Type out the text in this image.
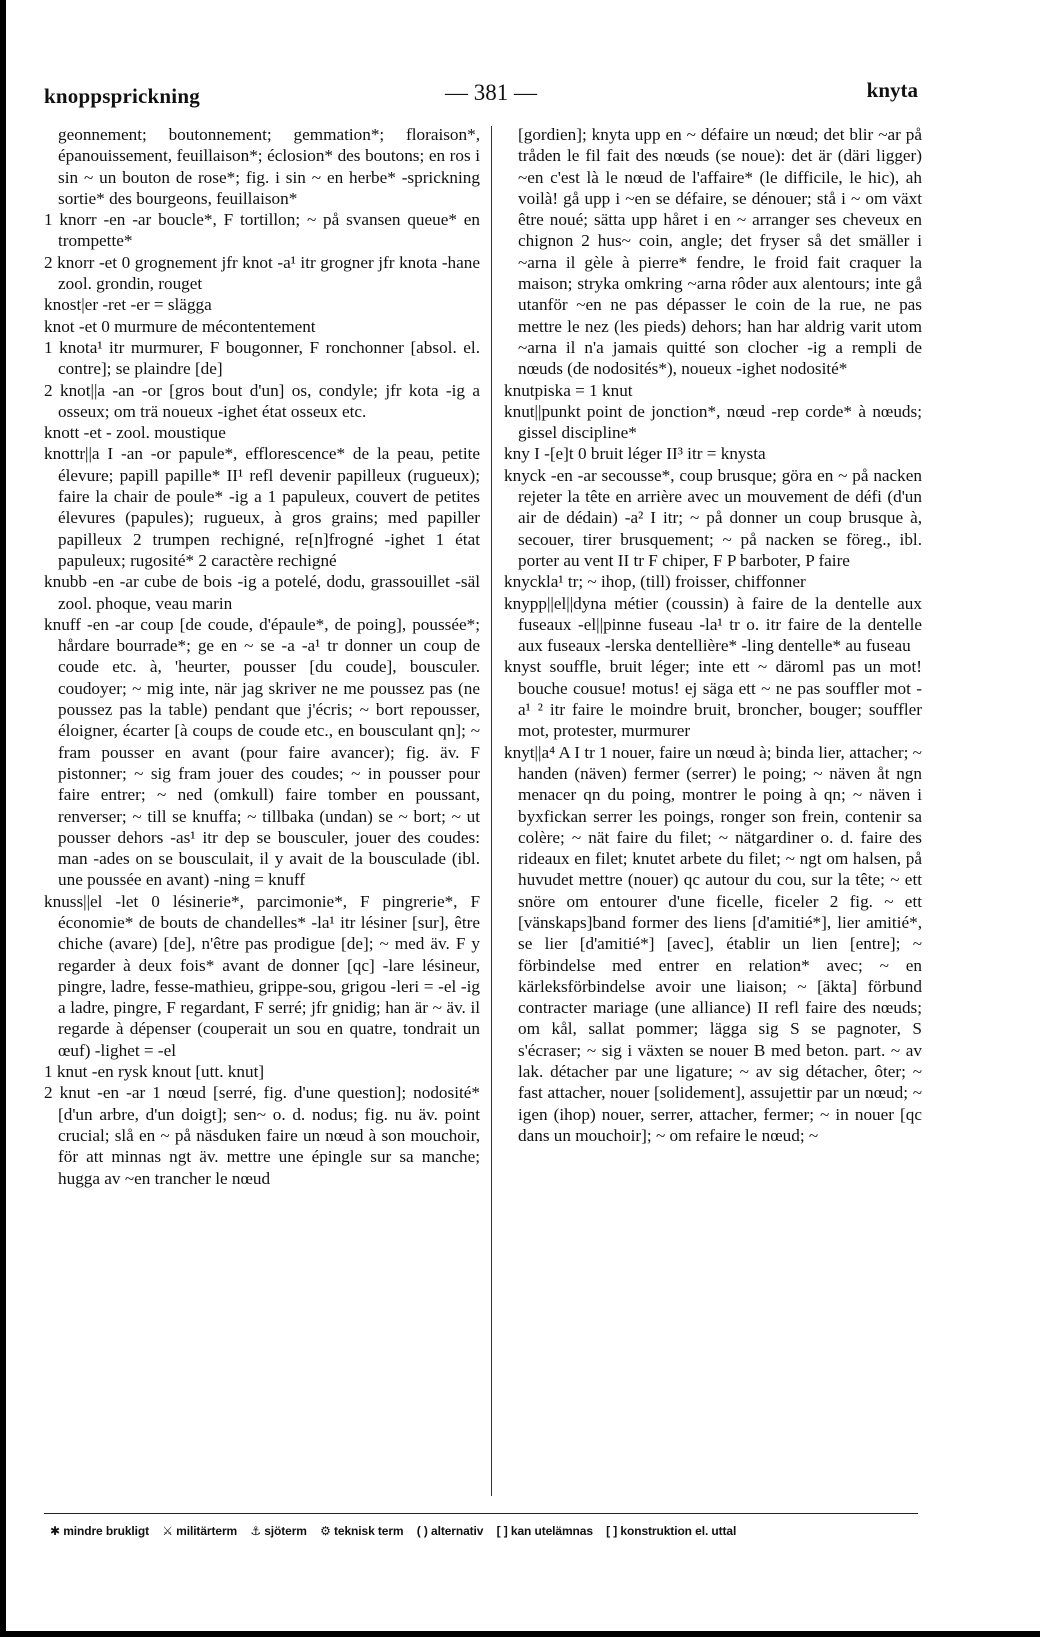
knoppsprickning	— 381 —	knyta

geonnement; boutonnement; gemmation*; floraison*, épanouissement, feuillaison*; éclosion* des boutons; en ros i sin ~ un bouton de rose*; fig. i sin ~ en herbe* -sprickning sortie* des bourgeons, feuillaison*

1 knorr -en -ar boucle*, F tortillon; ~ på svansen queue* en trompette*

2 knorr -et 0 grognement jfr knot -a¹ itr grogner jfr knota -hane zool. grondin, rouget

knost|er -ret -er = slägga

knot -et 0 murmure de mécontentement

1 knota¹ itr murmurer, F bougonner, F ronchonner [absol. el. contre]; se plaindre [de]

2 knot||a -an -or [gros bout d'un] os, condyle; jfr kota -ig a osseux; om trä noueux -ighet état osseux etc.

knott -et - zool. moustique

knottr||a I -an -or papule*, efflorescence* de la peau, petite élevure; papill papille* II¹ refl devenir papilleux (rugueux); faire la chair de poule* -ig a 1 papuleux, couvert de petites élevures (papules); rugueux, à gros grains; med papiller papilleux 2 trumpen rechigné, re[n]frogné -ighet 1 état papuleux; rugosité* 2 caractère rechigné

knubb -en -ar cube de bois -ig a potelé, dodu, grassouillet -säl zool. phoque, veau marin

knuff -en -ar coup [de coude, d'épaule*, de poing], poussée*; hårdare bourrade*; ge en ~ se -a -a¹ tr donner un coup de coude etc. à, 'heurter, pousser [du coude], bousculer. coudoyer; ~ mig inte, när jag skriver ne me poussez pas (ne poussez pas la table) pendant que j'écris; ~ bort repousser, éloigner, écarter [à coups de coude etc., en bousculant qn]; ~ fram pousser en avant (pour faire avancer); fig. äv. F pistonner; ~ sig fram jouer des coudes; ~ in pousser pour faire entrer; ~ ned (omkull) faire tomber en poussant, renverser; ~ till se knuffa; ~ tillbaka (undan) se ~ bort; ~ ut pousser dehors -as¹ itr dep se bousculer, jouer des coudes: man -ades on se bousculait, il y avait de la bousculade (ibl. une poussée en avant) -ning = knuff

knuss||el -let 0 lésinerie*, parcimonie*, F pingrerie*, F économie* de bouts de chandelles* -la¹ itr lésiner [sur], être chiche (avare) [de], n'être pas prodigue [de]; ~ med äv. F y regarder à deux fois* avant de donner [qc] -lare lésineur, pingre, ladre, fesse-mathieu, grippe-sou, grigou -leri = -el -ig a ladre, pingre, F regardant, F serré; jfr gnidig; han är ~ äv. il regarde à dépenser (couperait un sou en quatre, tondrait un œuf) -lighet = -el

1 knut -en rysk knout [utt. knut]

2 knut -en -ar 1 nœud [serré, fig. d'une question]; nodosité* [d'un arbre, d'un doigt]; sen~ o. d. nodus; fig. nu äv. point crucial; slå en ~ på näsduken faire un nœud à son mouchoir, för att minnas ngt äv. mettre une épingle sur sa manche; hugga av ~en trancher le nœud

[gordien]; knyta upp en ~ défaire un nœud; det blir ~ar på tråden le fil fait des nœuds (se noue): det är (däri ligger) ~en c'est là le nœud de l'affaire* (le difficile, le hic), ah voilà! gå upp i ~en se défaire, se dénouer; stå i ~ om växt être noué; sätta upp håret i en ~ arranger ses cheveux en chignon 2 hus~ coin, angle; det fryser så det smäller i ~arna il gèle à pierre* fendre, le froid fait craquer la maison; stryka omkring ~arna rôder aux alentours; inte gå utanför ~en ne pas dépasser le coin de la rue, ne pas mettre le nez (les pieds) dehors; han har aldrig varit utom ~arna il n'a jamais quitté son clocher -ig a rempli de nœuds (de nodosités*), noueux -ighet nodosité*

knutpiska = 1 knut

knut||punkt point de jonction*, nœud -rep corde* à nœuds; gissel discipline*

kny I -[e]t 0 bruit léger II³ itr = knysta

knyck -en -ar secousse*, coup brusque; göra en ~ på nacken rejeter la tête en arrière avec un mouvement de défi (d'un air de dédain) -a² I itr; ~ på donner un coup brusque à, secouer, tirer brusquement; ~ på nacken se föreg., ibl. porter au vent II tr F chiper, F P barboter, P faire

knyckla¹ tr; ~ ihop, (till) froisser, chiffonner

knypp||el||dyna métier (coussin) à faire de la dentelle aux fuseaux -el||pinne fuseau -la¹ tr o. itr faire de la dentelle aux fuseaux -lerska dentellière* -ling dentelle* au fuseau

knyst souffle, bruit léger; inte ett ~ däroml pas un mot! bouche cousue! motus! ej säga ett ~ ne pas souffler mot -a¹ ² itr faire le moindre bruit, broncher, bouger; souffler mot, protester, murmurer

knyt||a⁴ A I tr 1 nouer, faire un nœud à; binda lier, attacher; ~ handen (näven) fermer (serrer) le poing; ~ näven åt ngn menacer qn du poing, montrer le poing à qn; ~ näven i byxfickan serrer les poings, ronger son frein, contenir sa colère; ~ nät faire du filet; ~ nätgardiner o. d. faire des rideaux en filet; knutet arbete du filet; ~ ngt om halsen, på huvudet mettre (nouer) qc autour du cou, sur la tête; ~ ett snöre om entourer d'une ficelle, ficeler 2 fig. ~ ett [vänskaps]band former des liens [d'amitié*], lier amitié*, se lier [d'amitié*] [avec], établir un lien [entre]; ~ förbindelse med entrer en relation* avec; ~ en kärleksförbindelse avoir une liaison; ~ [äkta] förbund contracter mariage (une alliance) II refl faire des nœuds; om kål, sallat pommer; lägga sig S se pagnoter, S s'écraser; ~ sig i växten se nouer B med beton. part. ~ av lak. détacher par une ligature; ~ av sig détacher, ôter; ~ fast attacher, nouer [solidement], assujettir par un nœud; ~ igen (ihop) nouer, serrer, attacher, fermer; ~ in nouer [qc dans un mouchoir]; ~ om refaire le nœud; ~

✱ mindre brukligt ⚔ militärterm ⚓ sjöterm ⚙ teknisk term ( ) alternativ [ ] kan utelämnas [ ] konstruktion el. uttal
